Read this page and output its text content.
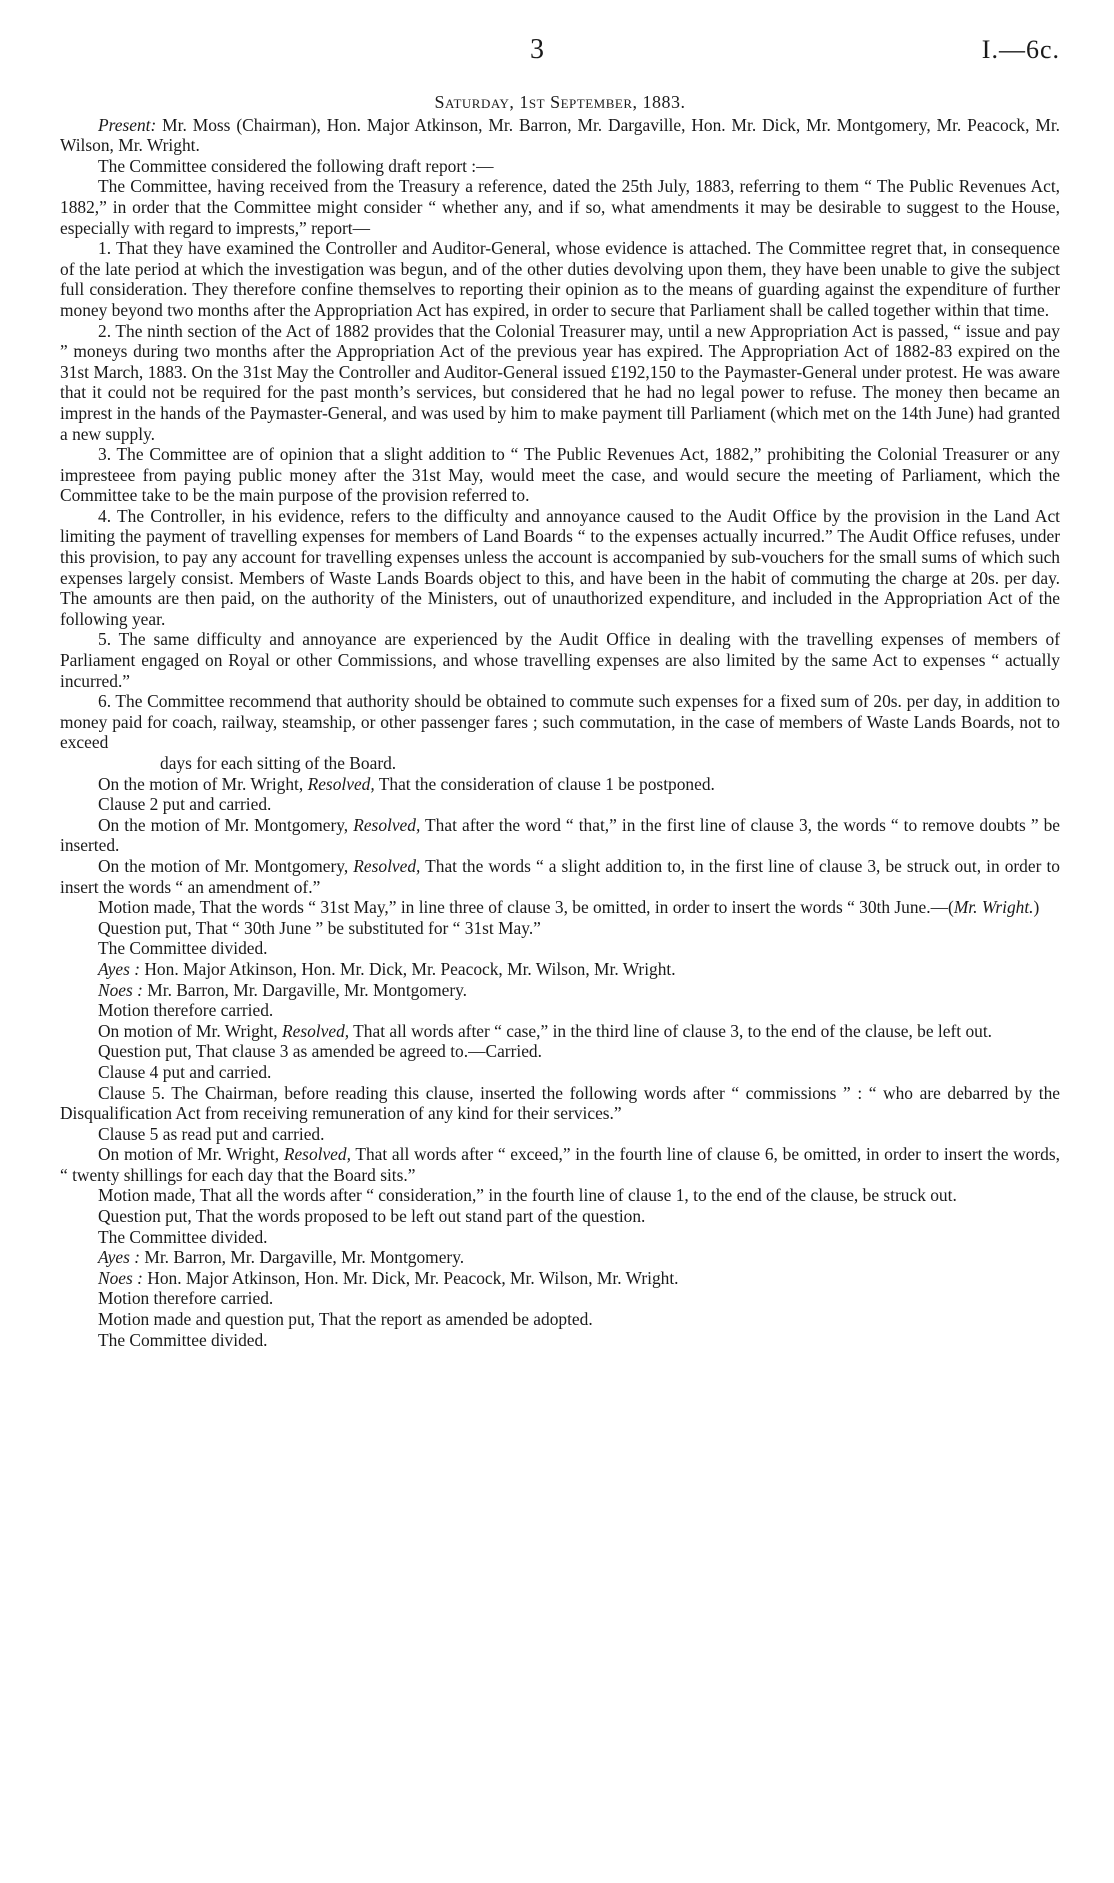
3	I.—6c.
Saturday, 1st September, 1883.

Present: Mr. Moss (Chairman), Hon. Major Atkinson, Mr. Barron, Mr. Dargaville, Hon. Mr. Dick, Mr. Montgomery, Mr. Peacock, Mr. Wilson, Mr. Wright.

The Committee considered the following draft report :—

The Committee, having received from the Treasury a reference, dated the 25th July, 1883, referring to them “ The Public Revenues Act, 1882,” in order that the Committee might consider “ whether any, and if so, what amendments it may be desirable to suggest to the House, especially with regard to imprests,” report—

1. That they have examined the Controller and Auditor-General, whose evidence is attached. The Committee regret that, in consequence of the late period at which the investigation was begun, and of the other duties devolving upon them, they have been unable to give the subject full consideration. They therefore confine themselves to reporting their opinion as to the means of guarding against the expenditure of further money beyond two months after the Appropriation Act has expired, in order to secure that Parliament shall be called together within that time.

2. The ninth section of the Act of 1882 provides that the Colonial Treasurer may, until a new Appropriation Act is passed, “ issue and pay ” moneys during two months after the Appropriation Act of the previous year has expired. The Appropriation Act of 1882-83 expired on the 31st March, 1883. On the 31st May the Controller and Auditor-General issued £192,150 to the Paymaster-General under protest. He was aware that it could not be required for the past month’s services, but considered that he had no legal power to refuse. The money then became an imprest in the hands of the Paymaster-General, and was used by him to make payment till Parliament (which met on the 14th June) had granted a new supply.

3. The Committee are of opinion that a slight addition to “ The Public Revenues Act, 1882,” prohibiting the Colonial Treasurer or any impresteee from paying public money after the 31st May, would meet the case, and would secure the meeting of Parliament, which the Committee take to be the main purpose of the provision referred to.

4. The Controller, in his evidence, refers to the difficulty and annoyance caused to the Audit Office by the provision in the Land Act limiting the payment of travelling expenses for members of Land Boards “ to the expenses actually incurred.” The Audit Office refuses, under this provision, to pay any account for travelling expenses unless the account is accompanied by sub-vouchers for the small sums of which such expenses largely consist. Members of Waste Lands Boards object to this, and have been in the habit of commuting the charge at 20s. per day. The amounts are then paid, on the authority of the Ministers, out of unauthorized expenditure, and included in the Appropriation Act of the following year.

5. The same difficulty and annoyance are experienced by the Audit Office in dealing with the travelling expenses of members of Parliament engaged on Royal or other Commissions, and whose travelling expenses are also limited by the same Act to expenses “ actually incurred.”

6. The Committee recommend that authority should be obtained to commute such expenses for a fixed sum of 20s. per day, in addition to money paid for coach, railway, steamship, or other passenger fares ; such commutation, in the case of members of Waste Lands Boards, not to exceed

days for each sitting of the Board.

On the motion of Mr. Wright, Resolved, That the consideration of clause 1 be postponed.

Clause 2 put and carried.

On the motion of Mr. Montgomery, Resolved, That after the word “ that,” in the first line of clause 3, the words “ to remove doubts ” be inserted.

On the motion of Mr. Montgomery, Resolved, That the words “ a slight addition to, in the first line of clause 3, be struck out, in order to insert the words “ an amendment of.”

Motion made, That the words “ 31st May,” in line three of clause 3, be omitted, in order to insert the words “ 30th June.—(Mr. Wright.)

Question put, That “ 30th June ” be substituted for “ 31st May.”

The Committee divided.

Ayes : Hon. Major Atkinson, Hon. Mr. Dick, Mr. Peacock, Mr. Wilson, Mr. Wright.

Noes : Mr. Barron, Mr. Dargaville, Mr. Montgomery.

Motion therefore carried.

On motion of Mr. Wright, Resolved, That all words after “ case,” in the third line of clause 3, to the end of the clause, be left out.

Question put, That clause 3 as amended be agreed to.—Carried.

Clause 4 put and carried.

Clause 5. The Chairman, before reading this clause, inserted the following words after “ commissions ” : “ who are debarred by the Disqualification Act from receiving remuneration of any kind for their services.”

Clause 5 as read put and carried.

On motion of Mr. Wright, Resolved, That all words after “ exceed,” in the fourth line of clause 6, be omitted, in order to insert the words, “ twenty shillings for each day that the Board sits.”

Motion made, That all the words after “ consideration,” in the fourth line of clause 1, to the end of the clause, be struck out.

Question put, That the words proposed to be left out stand part of the question.

The Committee divided.

Ayes : Mr. Barron, Mr. Dargaville, Mr. Montgomery.

Noes : Hon. Major Atkinson, Hon. Mr. Dick, Mr. Peacock, Mr. Wilson, Mr. Wright.

Motion therefore carried.

Motion made and question put, That the report as amended be adopted.

The Committee divided.
